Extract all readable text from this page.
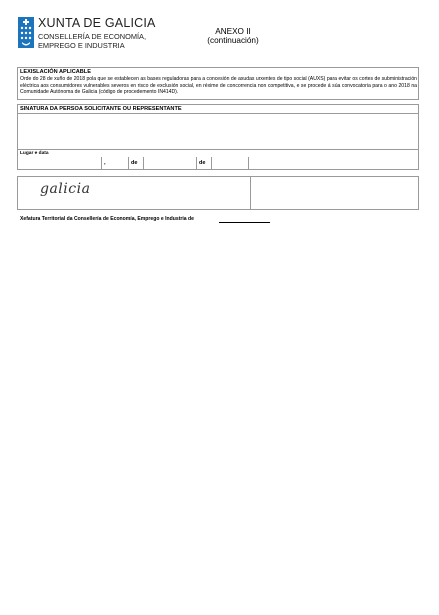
XUNTA DE GALICIA
CONSELLERÍA DE ECONOMÍA,
EMPREGO E INDUSTRIA
ANEXO II
(continuación)
LEXISLACIÓN APLICABLE
Orde do 28 de xuño de 2018 pola que se establecen as bases reguladoras para a concesión de axudas urxentes de tipo social (AUXS) para evitar os cortes de subministración eléctrica aos consumidores vulnerables severos en risco de exclusión social, en réxime de concorrencia non competitiva, e se procede á súa convocatoria para o ano 2018 na Comunidade Autónoma de Galicia (código de procedemento IN414D).
SINATURA DA PERSOA SOLICITANTE OU REPRESENTANTE
Lugar e data
,	de	de
galicia
Xefatura Territorial da Consellería de Economía, Emprego e Industria de
